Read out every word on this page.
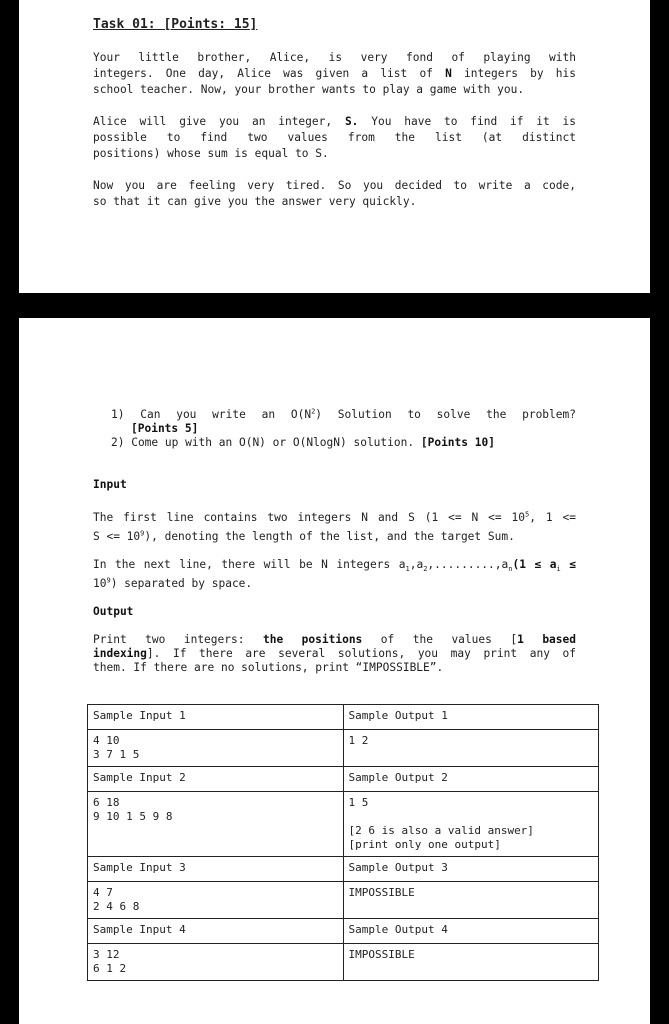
Task 01: [Points: 15]
Your little brother, Alice, is very fond of playing with
integers. One day, Alice was given a list of N integers by his
school teacher. Now, your brother wants to play a game with you.
Alice will give you an integer, S. You have to find if it is
possible to find two values from the list (at distinct
positions) whose sum is equal to S.
Now you are feeling very tired. So you decided to write a code,
so that it can give you the answer very quickly.
1) Can you write an $O(N^2)$ Solution to solve the problem?
[Points 5]
2) Come up with an O(N) or O(NlogN) solution. [Points 10]
Input
The first line contains two integers N and S ($1 <= N <= 10^5$, 1 <=
$S <= 10^9$), denoting the length of the list, and the target Sum.
In the next line, there will be N integers $a_1,a_2,.........,a_n(1 \le a_i$ ≤
$10^9$) separated by space.
Output
Print two integers: the positions of the values [1 based
indexing]. If there are several solutions, you may print any of
them. If there are no solutions, print “IMPOSSIBLE”.
Sample Input 1	Sample Output 1

4 10
3 7 1 5	1 2

Sample Input 2	Sample Output 2

6 18
9 10 1 5 9 8	1 5

[2 6 is also a valid answer]
[print only one output]

Sample Input 3	Sample Output 3

4 7
2 4 6 8	IMPOSSIBLE

Sample Input 4	Sample Output 4

3 12
6 1 2	IMPOSSIBLE
